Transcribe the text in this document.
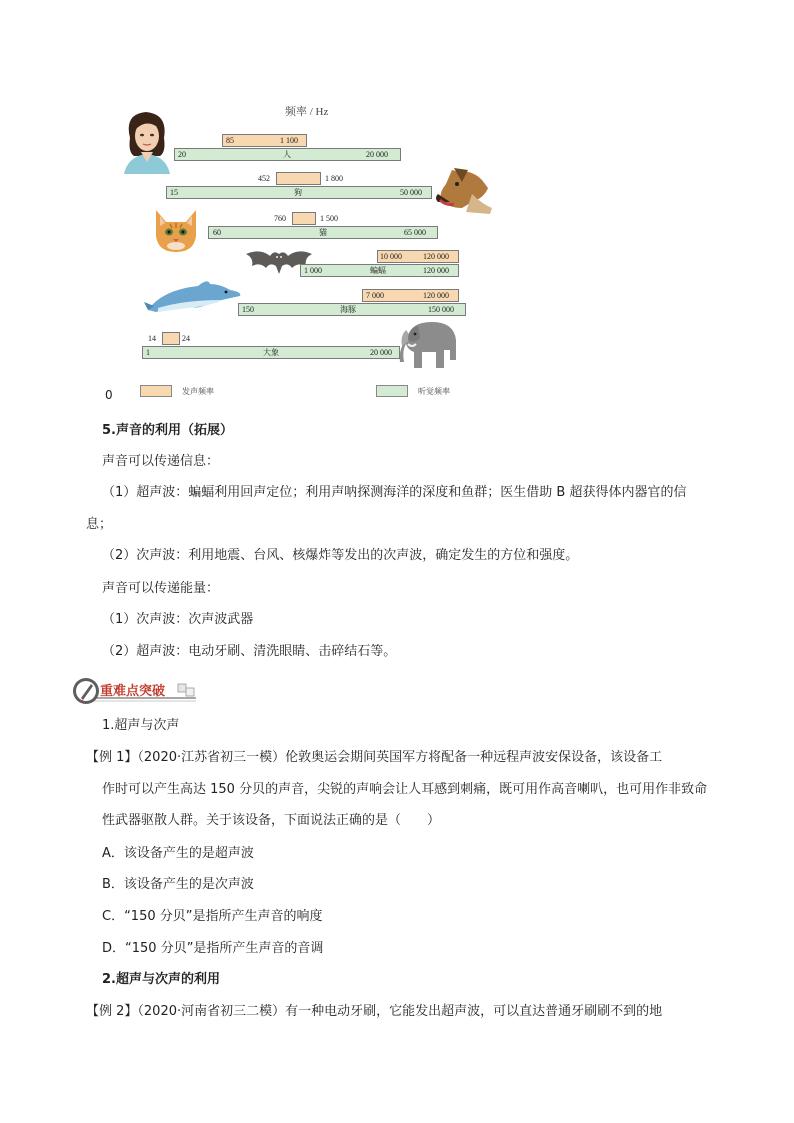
频率 / Hz
85	1 100
20	人	20 000
452	1 800
15	狗	50 000
760	1 500
60	猫	65 000
10 000	120 000
1 000	蝙蝠	120 000
7 000	120 000
150	海豚	150 000
14	24
1	大象	20 000
0	发声频率	听觉频率
5.声音的利用（拓展）
声音可以传递信息：
（1）超声波：蝙蝠利用回声定位；利用声呐探测海洋的深度和鱼群；医生借助 B 超获得体内器官的信
息；
（2）次声波：利用地震、台风、核爆炸等发出的次声波，确定发生的方位和强度。
声音可以传递能量：
（1）次声波：次声波武器
（2）超声波：电动牙刷、清洗眼睛、击碎结石等。
重难点突破
1.超声与次声
【例 1】（2020·江苏省初三一模）伦敦奥运会期间英国军方将配备一种远程声波安保设备，该设备工
作时可以产生高达 150 分贝的声音，尖锐的声响会让人耳感到刺痛，既可用作高音喇叭，也可用作非致命
性武器驱散人群。关于该设备，下面说法正确的是（　　）
A．该设备产生的是超声波
B．该设备产生的是次声波
C．“150 分贝”是指所产生声音的响度
D．“150 分贝”是指所产生声音的音调
2.超声与次声的利用
【例 2】（2020·河南省初三二模）有一种电动牙刷，它能发出超声波，可以直达普通牙刷刷不到的地
